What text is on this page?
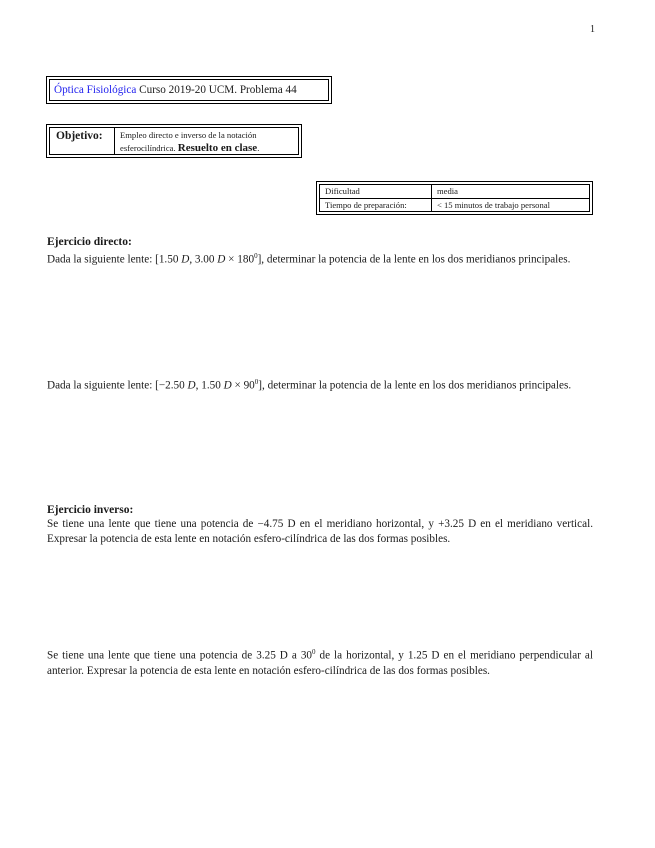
1
Óptica Fisiológica Curso 2019-20 UCM. Problema 44
Objetivo:	Empleo directo e inverso de la notación
esferocilíndrica. Resuelto en clase.
Dificultad	media
Tiempo de preparación:	< 15 minutos de trabajo personal
Ejercicio directo:
Dada la siguiente lente: [1.50 D, 3.00 $D \times 180^0$], determinar la potencia de la lente en los dos meridianos principales.
Dada la siguiente lente: [−2.50 D, 1.50 $D \times 90^0$], determinar la potencia de la lente en los dos meridianos principales.
Ejercicio inverso:
Se tiene una lente que tiene una potencia de −4.75 D en el meridiano horizontal, y +3.25 D en el meridiano vertical. Expresar la potencia de esta lente en notación esfero-cilíndrica de las dos formas posibles.
Se tiene una lente que tiene una potencia de 3.25 D a $30^0$ de la horizontal, y 1.25 D en el meridiano perpendicular al anterior. Expresar la potencia de esta lente en notación esfero-cilíndrica de las dos formas posibles.
